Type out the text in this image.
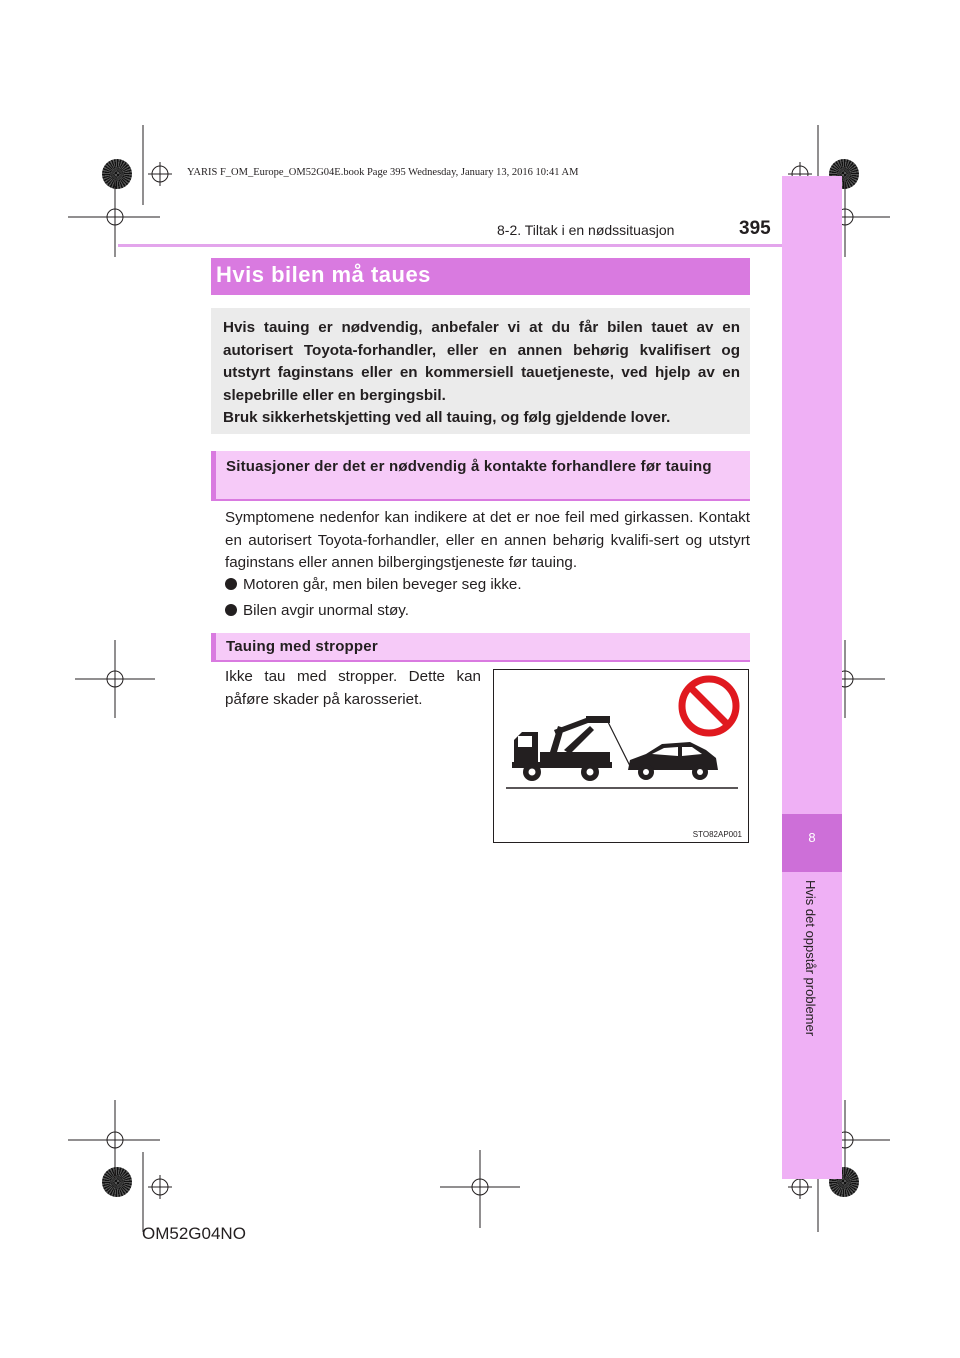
YARIS F_OM_Europe_OM52G04E.book Page 395 Wednesday, January 13, 2016 10:41 AM
8
Hvis det oppstår problemer
8-2. Tiltak i en nødssituasjon	395
Hvis bilen må taues

Hvis tauing er nødvendig, anbefaler vi at du får bilen tauet av en autorisert Toyota-forhandler, eller en annen behørig kvalifisert og utstyrt faginstans eller en kommersiell tauetjeneste, ved hjelp av en slepebrille eller en bergingsbil.

Bruk sikkerhetskjetting ved all tauing, og følg gjeldende lover.

Situasjoner der det er nødvendig å kontakte forhandlere før tauing
Symptomene nedenfor kan indikere at det er noe feil med girkassen. Kontakt en autorisert Toyota-forhandler, eller en annen behørig kvalifi-sert og utstyrt faginstans eller annen bilbergingstjeneste før tauing.
Motoren går, men bilen beveger seg ikke.
Bilen avgir unormal støy.
Tauing med stropper
Ikke tau med stropper. Dette kan påføre skader på karosseriet.
STO82AP001
OM52G04NO
